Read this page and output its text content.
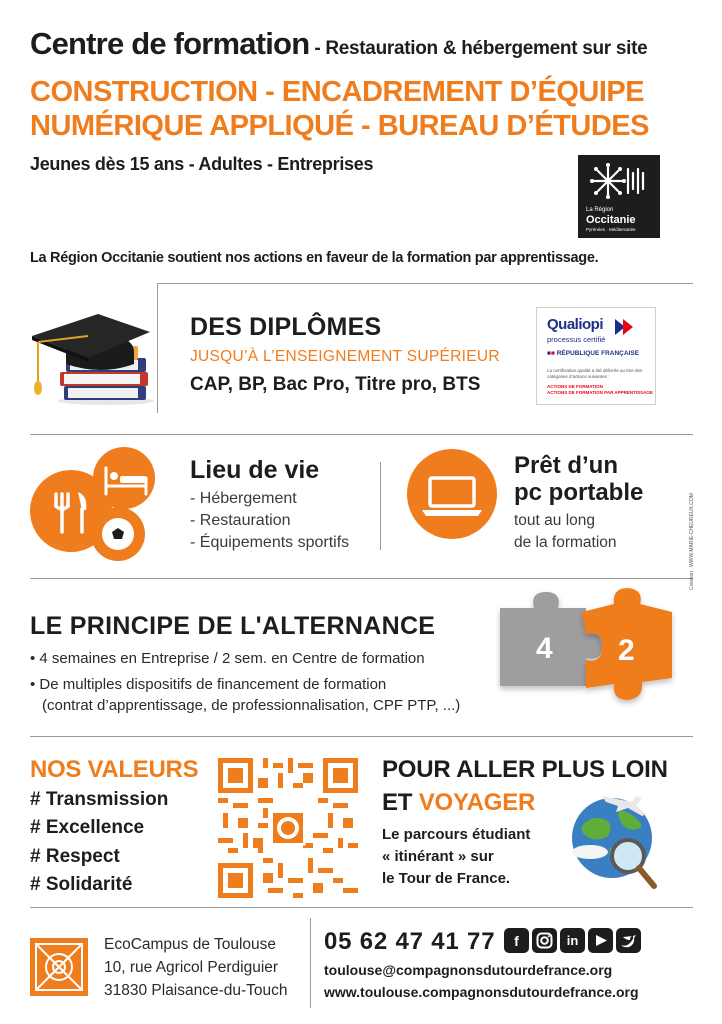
Centre de formation - Restauration & hébergement sur site
CONSTRUCTION - ENCADREMENT D’ÉQUIPE
NUMÉRIQUE APPLIQUÉ - BUREAU D’ÉTUDES
Jeunes dès 15 ans - Adultes - Entreprises
La Région
Occitanie
Pyrénées · Méditerranée
La Région Occitanie soutient nos actions en faveur de la formation par apprentissage.
DES DIPLÔMES
JUSQU’À L’ENSEIGNEMENT SUPÉRIEUR
CAP, BP, Bac Pro, Titre pro, BTS
Qualiopi
processus certifié
■■ RÉPUBLIQUE FRANÇAISE
La certification qualité a été délivrée au titre des catégories d’actions suivantes :
ACTIONS DE FORMATION
ACTIONS DE FORMATION PAR APPRENTISSAGE
Lieu de vie
- Hébergement
- Restauration
- Équipements sportifs
Prêt d’un
pc portable
tout au long
de la formation
LE PRINCIPE DE L'ALTERNANCE
• 4 semaines en Entreprise / 2 sem. en Centre de formation
• De multiples dispositifs de financement de formation
(contrat d’apprentissage, de professionnalisation, CPF PTP, ...)
4 2
Création : WWW.MARIE-CHEUREUX.COM
NOS VALEURS
# Transmission
# Excellence
# Respect
# Solidarité
POUR ALLER PLUS LOIN
ET VOYAGER
Le parcours étudiant
« itinérant » sur
le Tour de France.
EcoCampus de Toulouse
10, rue Agricol Perdiguier
31830 Plaisance-du-Touch
05 62 47 41 77	f	in
toulouse@compagnonsdutourdefrance.org
www.toulouse.compagnonsdutourdefrance.org
